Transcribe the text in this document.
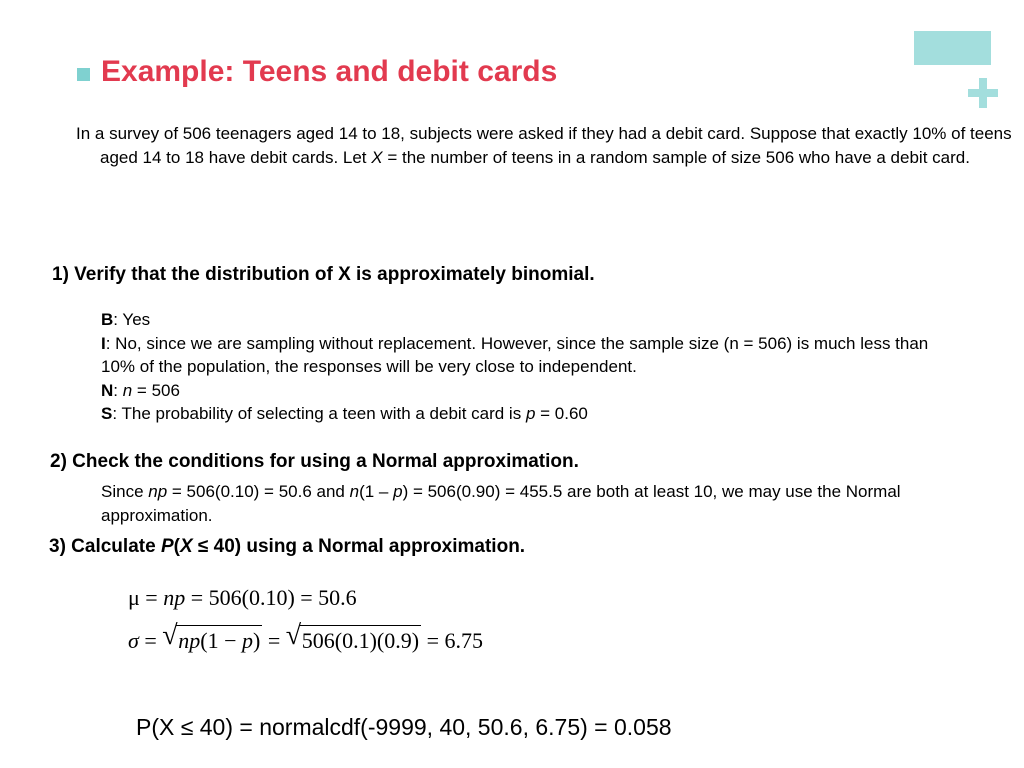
Example: Teens and debit cards
In a survey of 506 teenagers aged 14 to 18, subjects were asked if they had a debit card. Suppose that exactly 10% of teens aged 14 to 18 have debit cards. Let X = the number of teens in a random sample of size 506 who have a debit card.
1) Verify that the distribution of X is approximately binomial.
B: Yes
I: No, since we are sampling without replacement. However, since the sample size (n = 506) is much less than 10% of the population, the responses will be very close to independent.
N: n = 506
S: The probability of selecting a teen with a debit card is p = 0.60
2) Check the conditions for using a Normal approximation.
Since np = 506(0.10) = 50.6 and n(1 – p) = 506(0.90) = 455.5 are both at least 10, we may use the Normal approximation.
3) Calculate P(X ≤ 40) using a Normal approximation.
μ = np = 506(0.10) = 50.6
σ = √ np(1 − p) = √ 506(0.1)(0.9) = 6.75
P(X ≤ 40) = normalcdf(-9999, 40, 50.6, 6.75) = 0.058
